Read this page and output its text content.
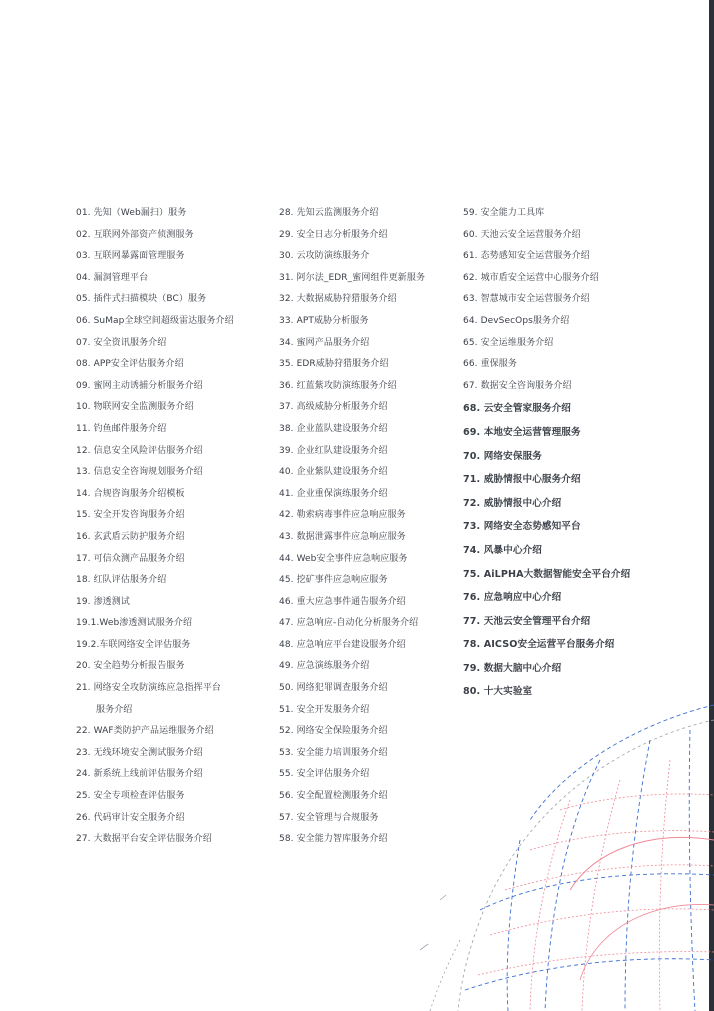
01. 先知（Web漏扫）服务
02. 互联网外部资产侦测服务
03. 互联网暴露面管理服务
04. 漏洞管理平台
05. 插件式扫描模块（BC）服务
06. SuMap全球空间超级雷达服务介绍
07. 安全资讯服务介绍
08. APP安全评估服务介绍
09. 蜜网主动诱捕分析服务介绍
10. 物联网安全监测服务介绍
11. 钓鱼邮件服务介绍
12. 信息安全风险评估服务介绍
13. 信息安全咨询规划服务介绍
14. 合规咨询服务介绍模板
15. 安全开发咨询服务介绍
16. 玄武盾云防护服务介绍
17. 可信众测产品服务介绍
18. 红队评估服务介绍
19. 渗透测试
19.1.Web渗透测试服务介绍
19.2.车联网络安全评估服务
20. 安全趋势分析报告服务
21. 网络安全攻防演练应急指挥平台
服务介绍
22. WAF类防护产品运维服务介绍
23. 无线环境安全测试服务介绍
24. 新系统上线前评估服务介绍
25. 安全专项检查评估服务
26. 代码审计安全服务介绍
27. 大数据平台安全评估服务介绍
28. 先知云监测服务介绍
29. 安全日志分析服务介绍
30. 云攻防演练服务介
31. 阿尔法_EDR_蜜网组件更新服务
32. 大数据威胁狩猎服务介绍
33. APT威胁分析服务
34. 蜜网产品服务介绍
35. EDR威胁狩猎服务介绍
36. 红蓝紫攻防演练服务介绍
37. 高级威胁分析服务介绍
38. 企业蓝队建设服务介绍
39. 企业红队建设服务介绍
40. 企业紫队建设服务介绍
41. 企业重保演练服务介绍
42. 勒索病毒事件应急响应服务
43. 数据泄露事件应急响应服务
44. Web安全事件应急响应服务
45. 挖矿事件应急响应服务
46. 重大应急事件通告服务介绍
47. 应急响应-自动化分析服务介绍
48. 应急响应平台建设服务介绍
49. 应急演练服务介绍
50. 网络犯罪调查服务介绍
51. 安全开发服务介绍
52. 网络安全保险服务介绍
53. 安全能力培训服务介绍
55. 安全评估服务介绍
56. 安全配置检测服务介绍
57. 安全管理与合规服务
58. 安全能力智库服务介绍
59. 安全能力工具库
60. 天池云安全运营服务介绍
61. 态势感知安全运营服务介绍
62. 城市盾安全运营中心服务介绍
63. 智慧城市安全运营服务介绍
64. DevSecOps服务介绍
65. 安全运维服务介绍
66. 重保服务
67. 数据安全咨询服务介绍
68. 云安全管家服务介绍
69. 本地安全运营管理服务
70. 网络安保服务
71. 威胁情报中心服务介绍
72. 威胁情报中心介绍
73. 网络安全态势感知平台
74. 风暴中心介绍
75. AiLPHA大数据智能安全平台介绍
76. 应急响应中心介绍
77. 天池云安全管理平台介绍
78. AICSO安全运营平台服务介绍
79. 数据大脑中心介绍
80. 十大实验室
